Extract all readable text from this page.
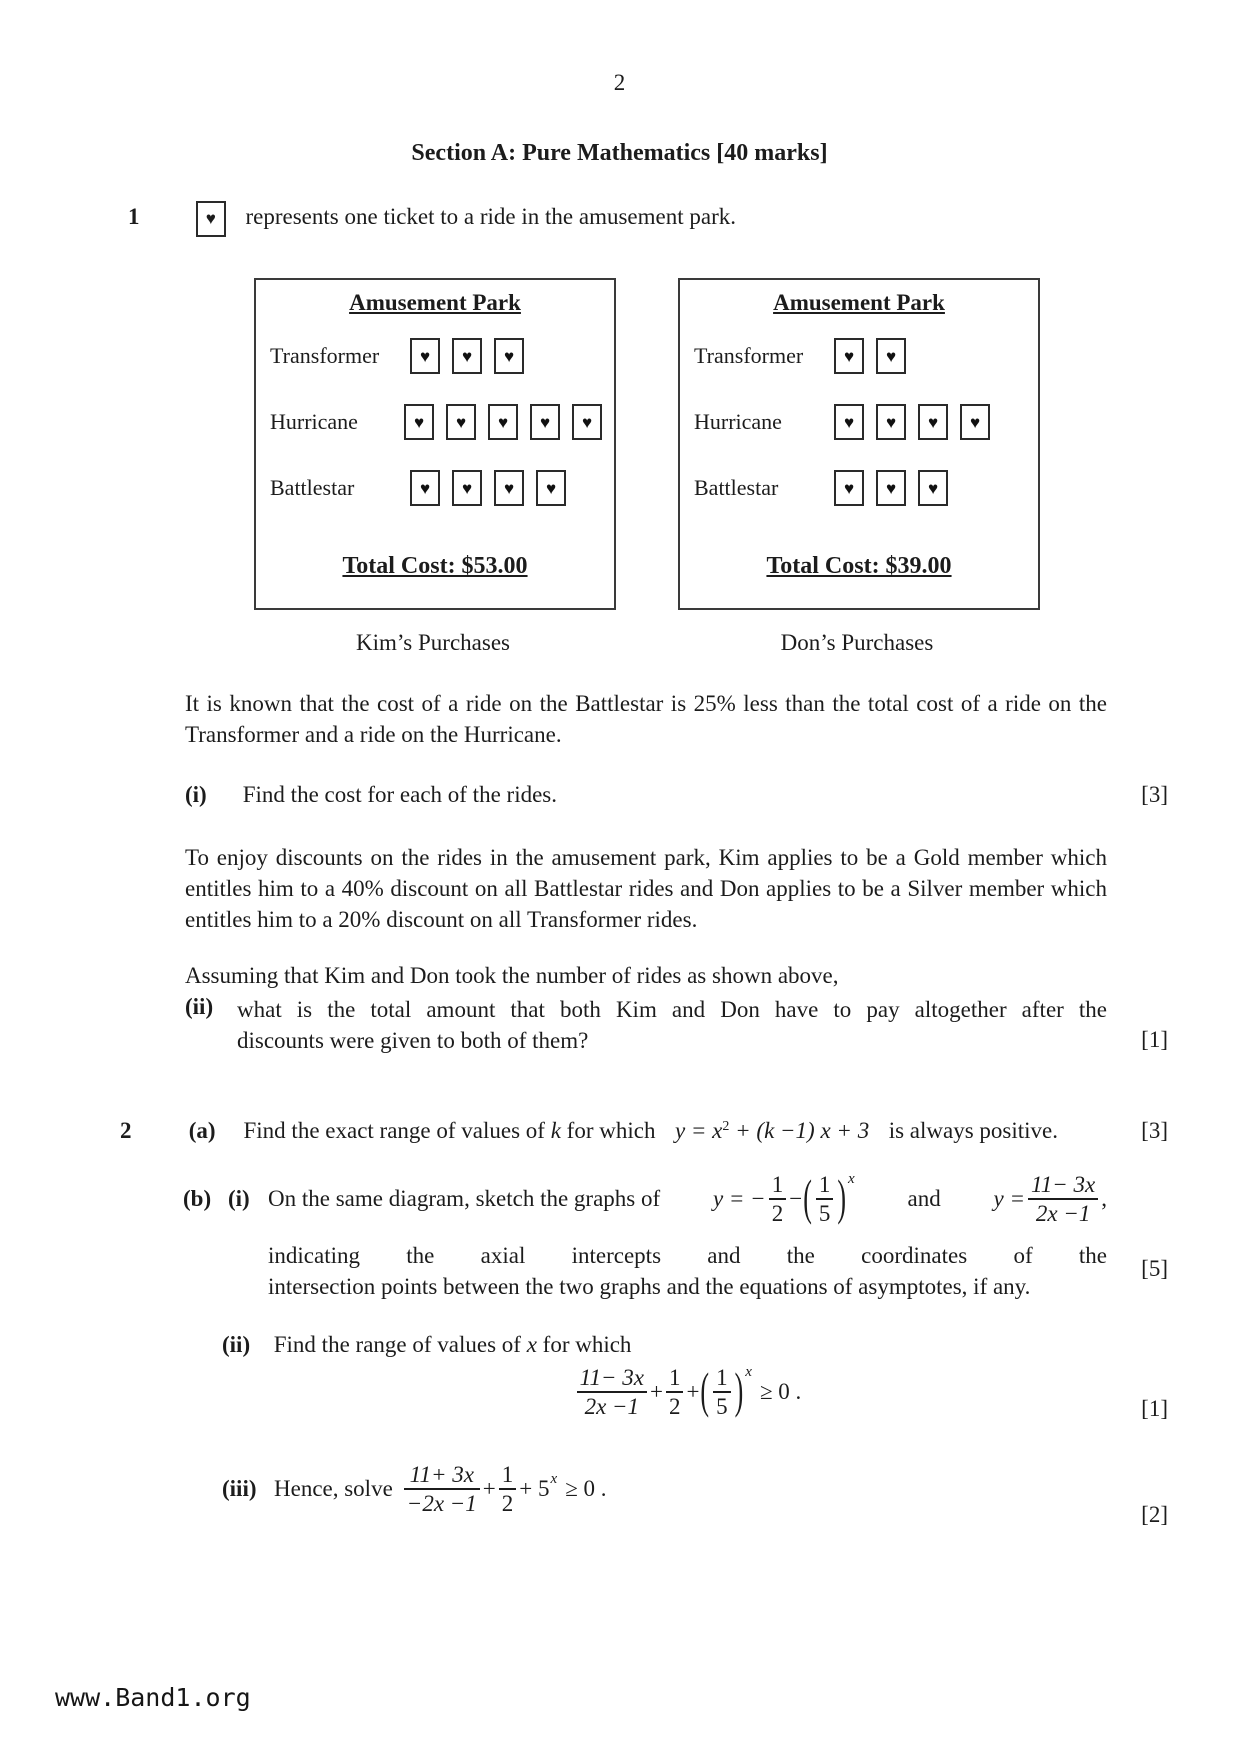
2
Section A: Pure Mathematics [40 marks]
1	♥ represents one ticket to a ride in the amusement park.
Amusement Park
Transformer	♥	♥	♥
Hurricane	♥	♥	♥	♥	♥
Battlestar	♥	♥	♥	♥
Total Cost: $53.00
Amusement Park
Transformer	♥	♥
Hurricane	♥	♥	♥	♥
Battlestar	♥	♥	♥
Total Cost: $39.00
Kim’s Purchases	Don’s Purchases
It is known that the cost of a ride on the Battlestar is 25% less than the total cost of a ride on the Transformer and a ride on the Hurricane.
(i) Find the cost for each of the rides.	[3]
To enjoy discounts on the rides in the amusement park, Kim applies to be a Gold member which entitles him to a 40% discount on all Battlestar rides and Don applies to be a Silver member which entitles him to a 20% discount on all Transformer rides.
Assuming that Kim and Don took the number of rides as shown above,
(ii) what is the total amount that both Kim and Don have to pay altogether after the
discounts were given to both of them?	[1]
2 (a) Find the exact range of values of k for which $y = x^2 + (k -1) x + 3$ is always positive.	[3]
(b) (i) On the same diagram, sketch the graphs of y = − $\frac{1}{2}$ − ( $\frac{1}{5}$ ) x
and $y = \frac{11- 3x}{2x -1}$ ,
indicating the axial intercepts and the coordinates of the
intersection points between the two graphs and the equations of asymptotes, if any.
[5]
(ii) Find the range of values of x for which
$\frac{11- 3x}{2x -1} + \frac{1}{2}$ + ( $\frac{1}{5}$ ) x
≥ 0 .
[1]
(iii) Hence, solve $\frac{11+ 3x}{-2x -1} + \frac{1}{2} + 5$ x ≥ 0 .
[2]
www.Band1.org
